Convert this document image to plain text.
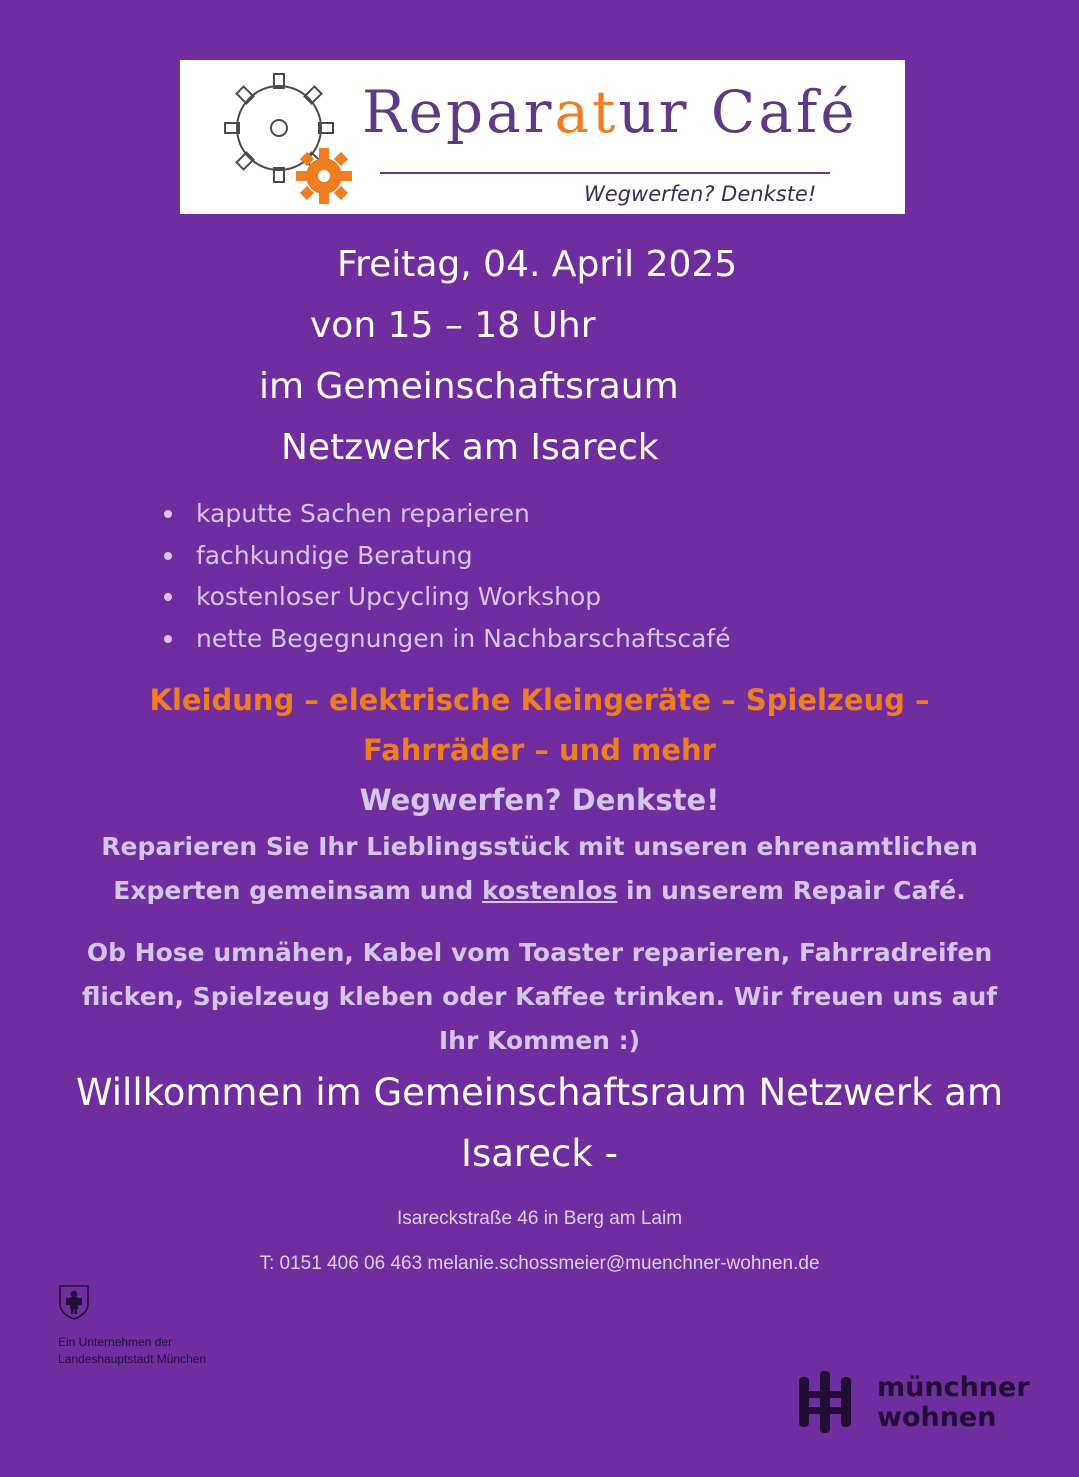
Reparatur Café
Wegwerfen? Denkste!
Freitag, 04. April 2025
von 15 – 18 Uhr
im Gemeinschaftsraum
Netzwerk am Isareck
kaputte Sachen reparieren
fachkundige Beratung
kostenloser Upcycling Workshop
nette Begegnungen in Nachbarschaftscafé
Kleidung – elektrische Kleingeräte – Spielzeug –
Fahrräder – und mehr
Wegwerfen? Denkste!
Reparieren Sie Ihr Lieblingsstück mit unseren ehrenamtlichen
Experten gemeinsam und kostenlos in unserem Repair Café.
Ob Hose umnähen, Kabel vom Toaster reparieren, Fahrradreifen
flicken, Spielzeug kleben oder Kaffee trinken. Wir freuen uns auf
Ihr Kommen :)
Willkommen im Gemeinschaftsraum Netzwerk am
Isareck -
Isareckstraße 46 in Berg am Laim
T: 0151 406 06 463 melanie.schossmeier@muenchner-wohnen.de
Ein Unternehmen der
Landeshauptstadt München
münchner
wohnen
